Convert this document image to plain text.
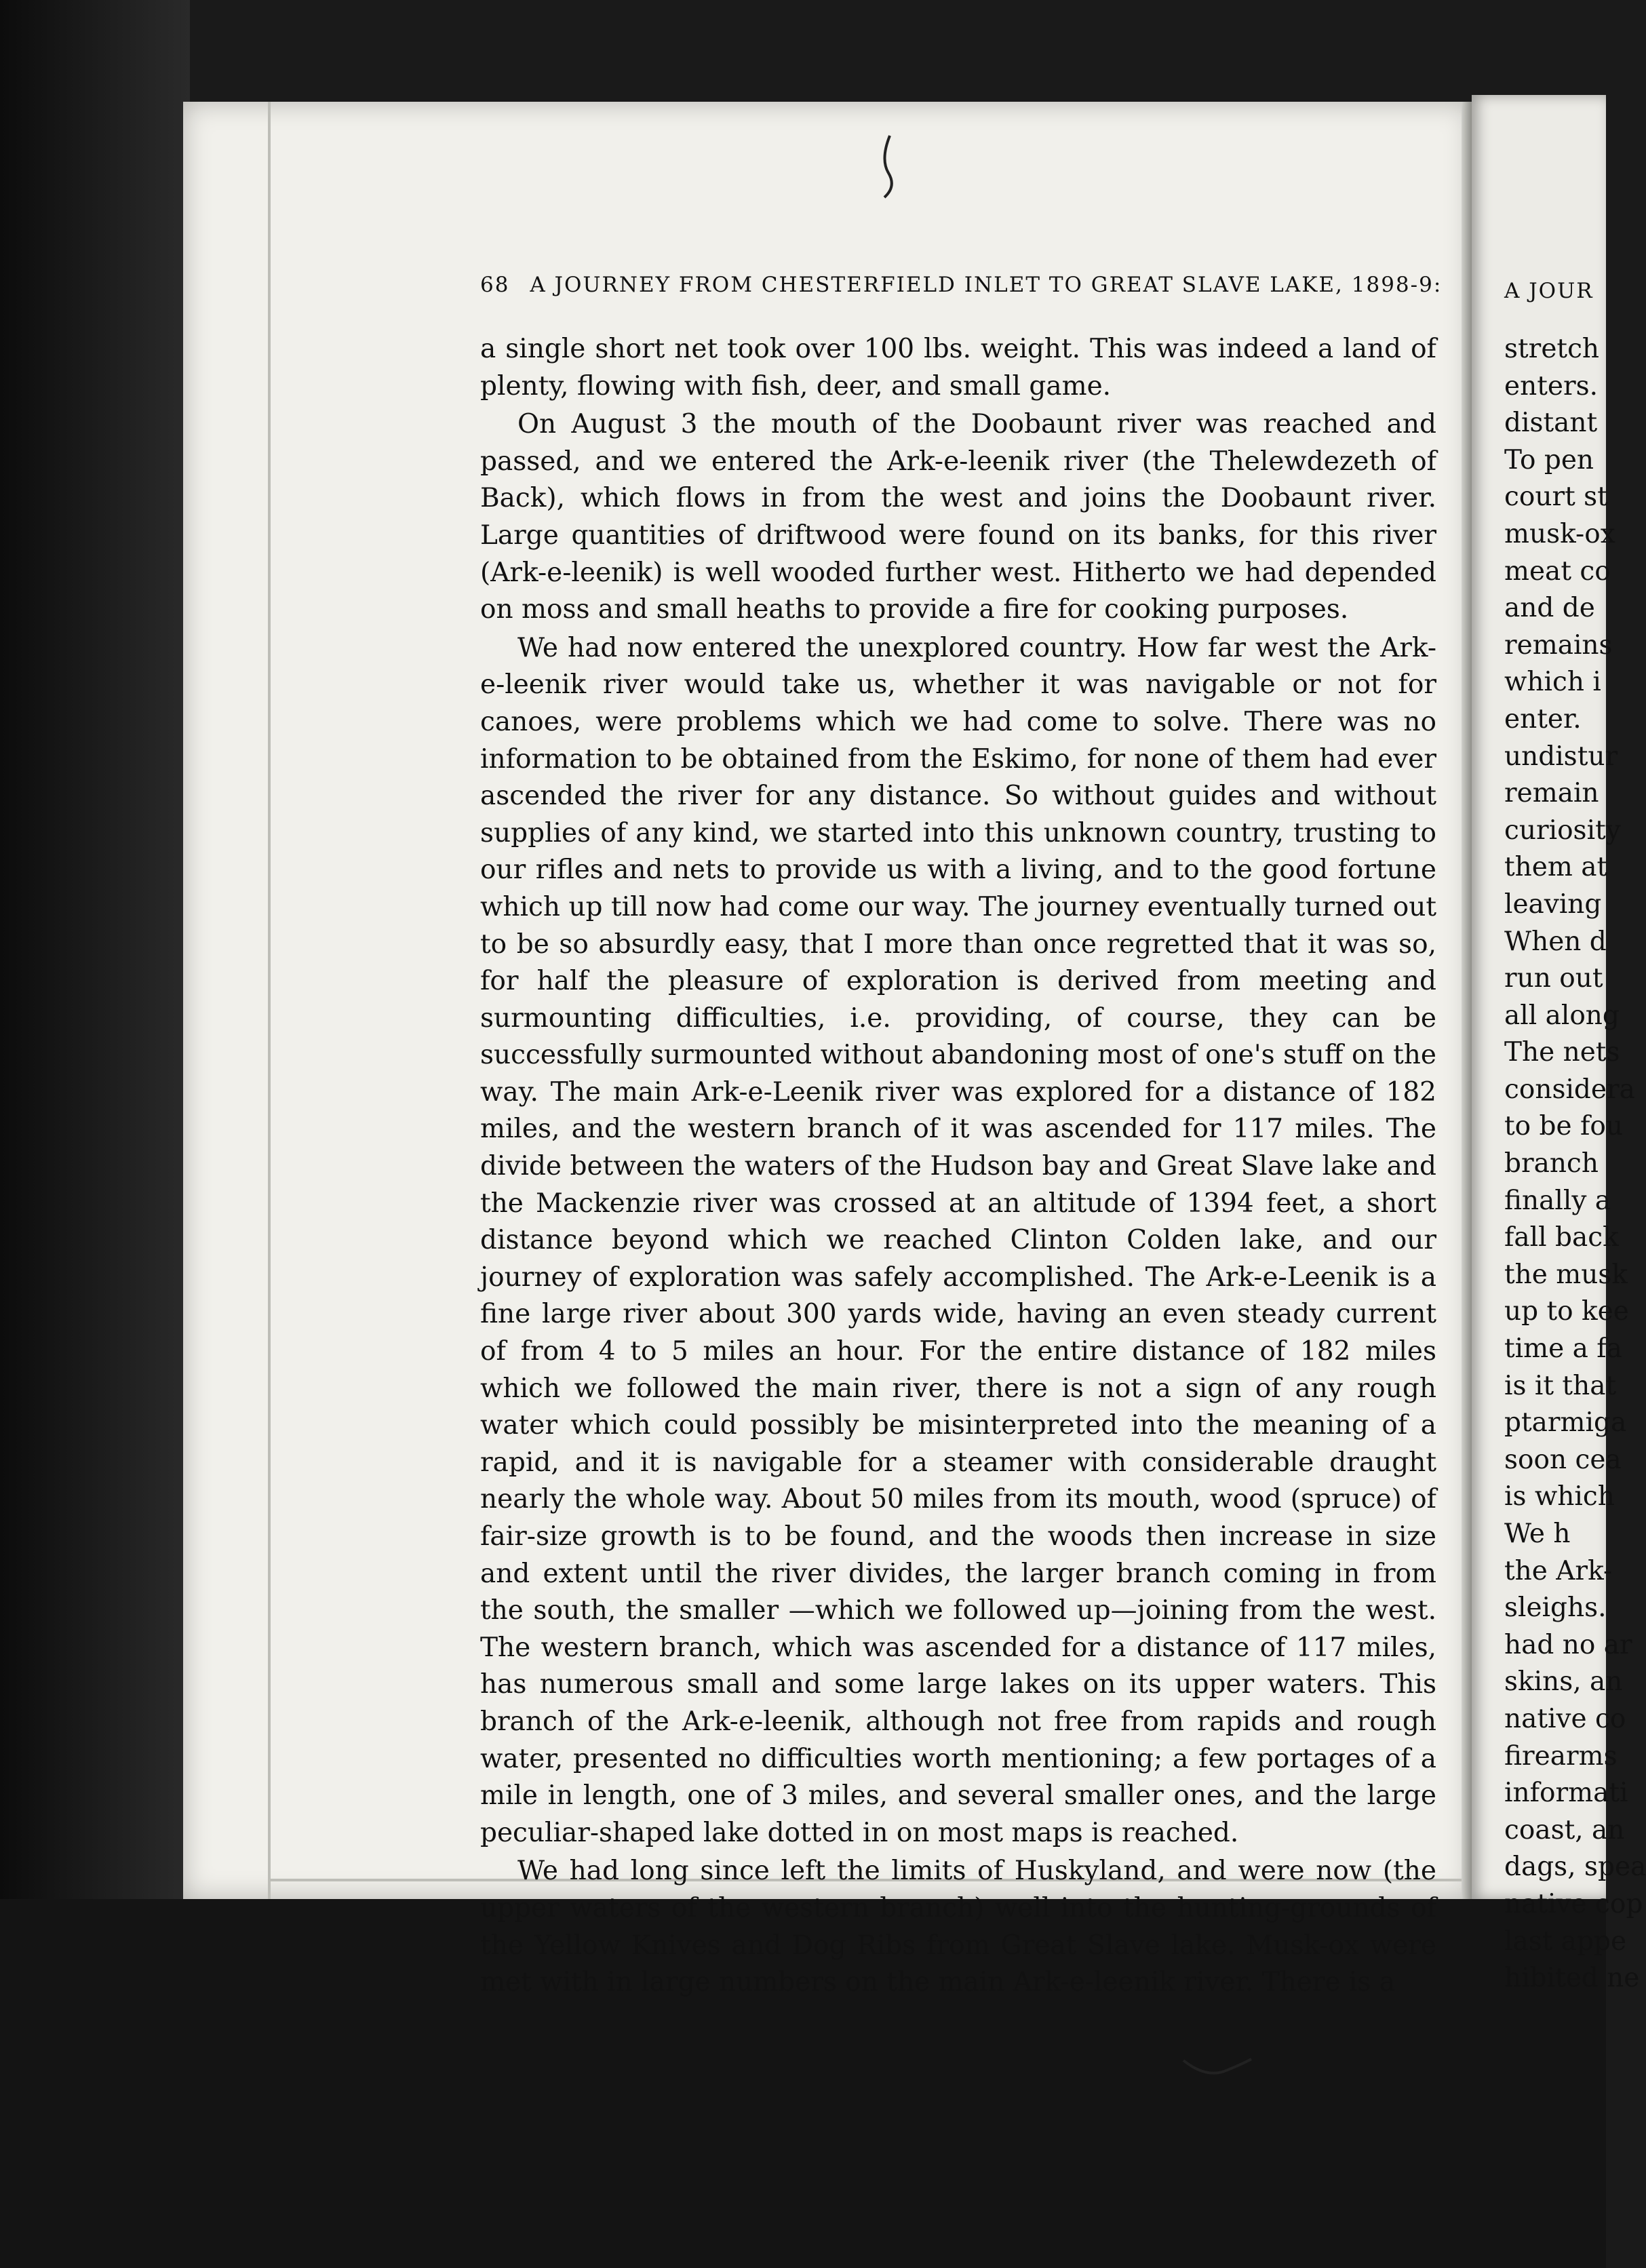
68 A JOURNEY FROM CHESTERFIELD INLET TO GREAT SLAVE LAKE, 1898-9:

a single short net took over 100 lbs. weight. This was indeed a land of plenty, flowing with fish, deer, and small game.

On August 3 the mouth of the Doobaunt river was reached and passed, and we entered the Ark-e-leenik river (the Thelewdezeth of Back), which flows in from the west and joins the Doobaunt river. Large quantities of driftwood were found on its banks, for this river (Ark-e-leenik) is well wooded further west. Hitherto we had depended on moss and small heaths to provide a fire for cooking purposes.

We had now entered the unexplored country. How far west the Ark-e-leenik river would take us, whether it was navigable or not for canoes, were problems which we had come to solve. There was no information to be obtained from the Eskimo, for none of them had ever ascended the river for any distance. So without guides and without supplies of any kind, we started into this unknown country, trusting to our rifles and nets to provide us with a living, and to the good fortune which up till now had come our way. The journey eventually turned out to be so absurdly easy, that I more than once regretted that it was so, for half the pleasure of exploration is derived from meeting and surmounting difficulties, i.e. providing, of course, they can be successfully surmounted without abandoning most of one's stuff on the way. The main Ark-e-Leenik river was explored for a distance of 182 miles, and the western branch of it was ascended for 117 miles. The divide between the waters of the Hudson bay and Great Slave lake and the Mackenzie river was crossed at an altitude of 1394 feet, a short distance beyond which we reached Clinton Colden lake, and our journey of exploration was safely accomplished. The Ark-e-Leenik is a fine large river about 300 yards wide, having an even steady current of from 4 to 5 miles an hour. For the entire distance of 182 miles which we followed the main river, there is not a sign of any rough water which could possibly be misinterpreted into the meaning of a rapid, and it is navigable for a steamer with considerable draught nearly the whole way. About 50 miles from its mouth, wood (spruce) of fair-size growth is to be found, and the woods then increase in size and extent until the river divides, the larger branch coming in from the south, the smaller —which we followed up—joining from the west. The western branch, which was ascended for a distance of 117 miles, has numerous small and some large lakes on its upper waters. This branch of the Ark-e-leenik, although not free from rapids and rough water, presented no difficulties worth mentioning; a few portages of a mile in length, one of 3 miles, and several smaller ones, and the large peculiar-shaped lake dotted in on most maps is reached.

We had long since left the limits of Huskyland, and were now (the upper waters of the western branch) well into the hunting-grounds of the Yellow Knives and Dog Ribs from Great Slave lake. Musk-ox were met with in large numbers on the main Ark-e-leenik river. There is a

A JOUR
stretch
enters.
distant
To pen
court st
musk-ox
meat co
and de
remains
which i
enter.
undistur
remain
curiosity
them at
leaving
When d
run out
all along
The nets
considera
to be fou
branch
finally a
fall back
the musk
up to kee
time a fa
is it that
ptarmiga
soon cea
is which
We h
the Ark-
sleighs.
had no ar
skins, an
native co
firearms
informati
coast, an
dags, spea
native cop
last appe
hibited ne
